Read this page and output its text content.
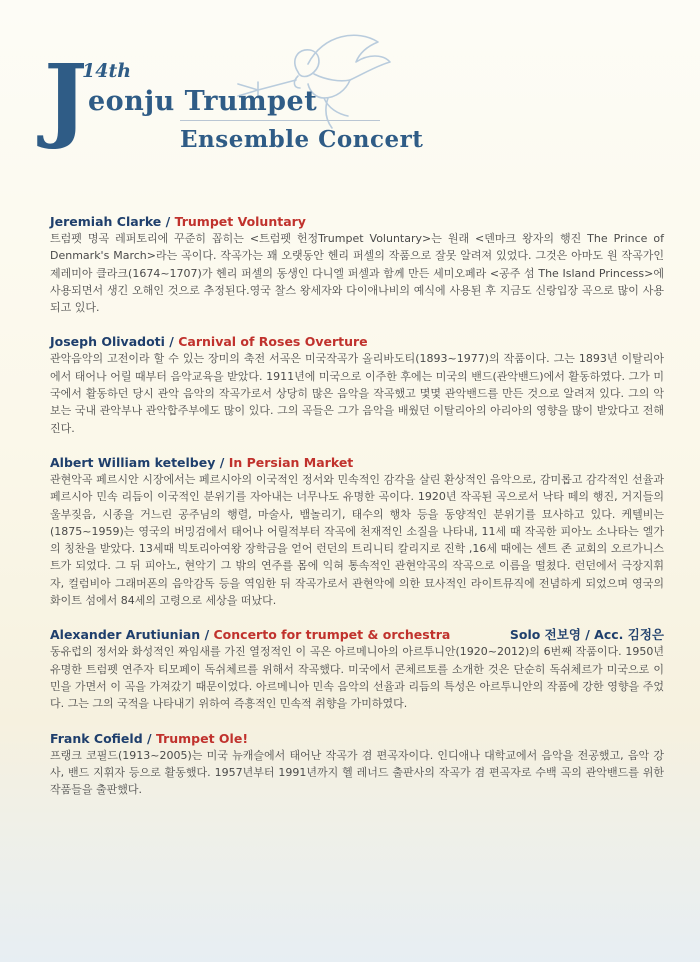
J
14th
eonju Trumpet
Ensemble Concert
Jeremiah Clarke / Trumpet Voluntary

트럼펫 명곡 레퍼토리에 꾸준히 꼽히는 <트럼펫 헌정Trumpet Voluntary>는 원래 <덴마크 왕자의 행진 The Prince of Denmark's March>라는 곡이다. 작곡가는 꽤 오랫동안 헨리 퍼셀의 작품으로 잘못 알려져 있었다. 그것은 아마도 원 작곡가인 제레미아 클라크(1674~1707)가 헨리 퍼셀의 동생인 다니엘 퍼셀과 함께 만든 세미오페라 <공주 섬 The Island Princess>에 사용되면서 생긴 오해인 것으로 추정된다.영국 찰스 왕세자와 다이애나비의 예식에 사용된 후 지금도 신랑입장 곡으로 많이 사용되고 있다.

Joseph Olivadoti / Carnival of Roses Overture

관악음악의 고전이라 할 수 있는 장미의 축전 서곡은 미국작곡가 올리바도티(1893~1977)의 작품이다. 그는 1893년 이탈리아에서 태어나 어릴 때부터 음악교육을 받았다. 1911년에 미국으로 이주한 후에는 미국의 밴드(관악밴드)에서 활동하였다. 그가 미국에서 활동하던 당시 관악 음악의 작곡가로서 상당히 많은 음악을 작곡했고 몇몇 관악밴드를 만든 것으로 알려져 있다. 그의 악보는 국내 관악부나 관악합주부에도 많이 있다. 그의 곡들은 그가 음악을 배웠던 이탈리아의 아리아의 영향을 많이 받았다고 전해진다.

Albert William ketelbey / In Persian Market

관현악곡 페르시안 시장에서는 페르시아의 이국적인 정서와 민속적인 감각을 살린 환상적인 음악으로, 감미롭고 감각적인 선율과 페르시아 민속 리듬이 이국적인 분위기를 자아내는 너무나도 유명한 곡이다. 1920년 작곡된 곡으로서 낙타 떼의 행진, 거지들의 울부짖음, 시종을 거느린 공주님의 행렬, 마술사, 뱀놀리기, 태수의 행차 등을 동양적인 분위기를 묘사하고 있다. 케텔비는(1875~1959)는 영국의 버밍검에서 태어나 어릴적부터 작곡에 천재적인 소질을 나타내, 11세 때 작곡한 피아노 소나타는 엘가의 칭찬을 받았다. 13세때 빅토리아여왕 장학금을 얻어 런던의 트리니티 칼리지로 진학 ,16세 때에는 센트 존 교회의 오르가니스트가 되었다. 그 뒤 피아노, 현악기 그 밖의 연주를 몸에 익혀 통속적인 관현악곡의 작곡으로 이름을 떨쳤다. 런던에서 극장지휘자, 컬럼비아 그래머폰의 음악감독 등을 역임한 뒤 작곡가로서 관현악에 의한 묘사적인 라이트뮤직에 전념하게 되었으며 영국의 화이트 섬에서 84세의 고령으로 세상을 떠났다.

Alexander Arutiunian / Concerto for trumpet & orchestra	Solo 전보영 / Acc. 김정은

동유럽의 정서와 화성적인 짜임새를 가진 열정적인 이 곡은 아르메니아의 아르투니안(1920~2012)의 6번째 작품이다. 1950년 유명한 트럼펫 연주자 티모페이 독쉬체르를 위해서 작곡했다. 미국에서 콘체르토를 소개한 것은 단순히 독쉬체르가 미국으로 이민을 가면서 이 곡을 가져갔기 때문이었다. 아르메니아 민속 음악의 선율과 리듬의 특성은 아르투니안의 작품에 강한 영향을 주었다. 그는 그의 국적을 나타내기 위하여 즉흥적인 민속적 취향을 가미하였다.

Frank Cofield / Trumpet Ole!

프랭크 코필드(1913~2005)는 미국 뉴캐슬에서 태어난 작곡가 겸 편곡자이다. 인디애나 대학교에서 음악을 전공했고, 음악 강사, 밴드 지휘자 등으로 활동했다. 1957년부터 1991년까지 헬 레너드 출판사의 작곡가 겸 편곡자로 수백 곡의 관악밴드를 위한 작품들을 출판했다.
